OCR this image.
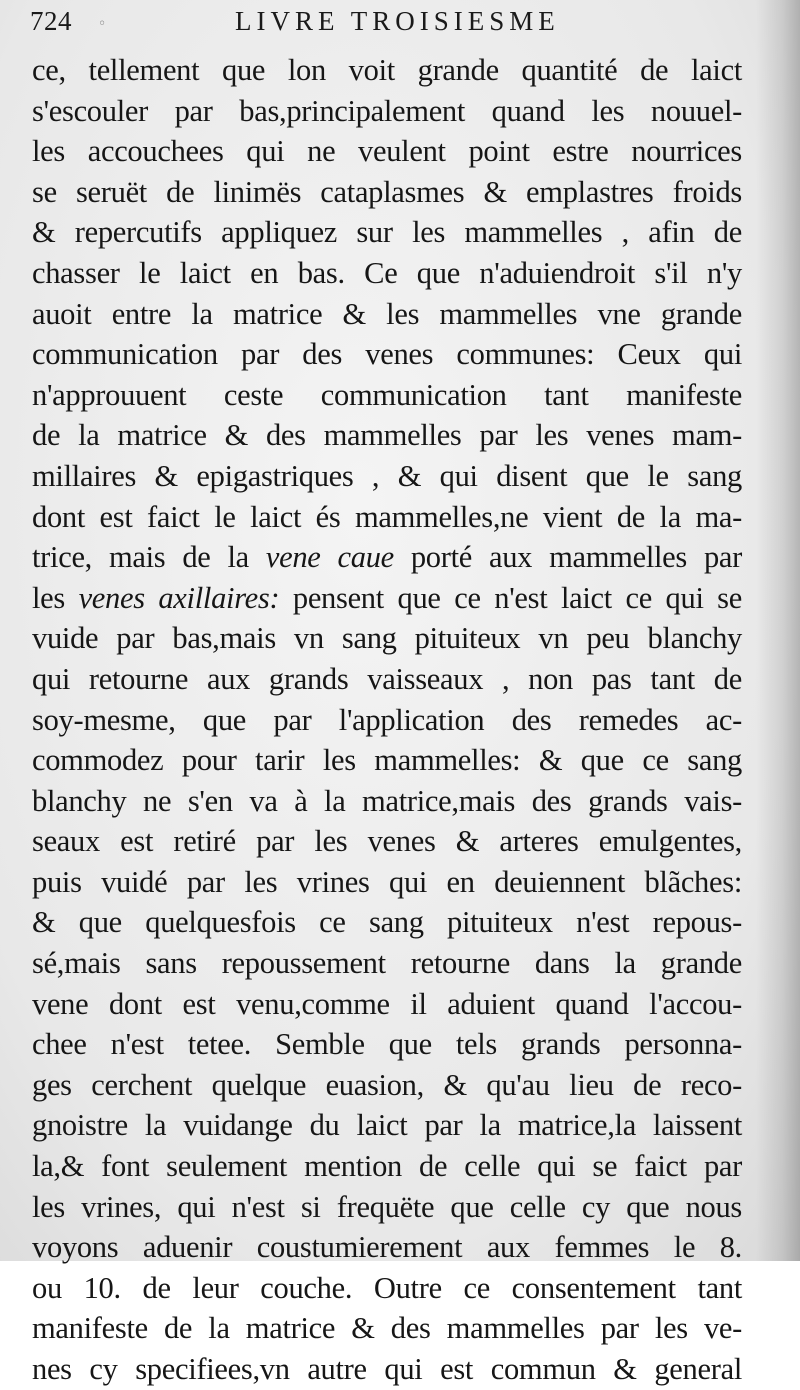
724 ◦	LIVRE TROISIESME
ce, tellement que lon voit grande quantité de laict
s'escouler par bas,principalement quand les nouuel-
les accouchees qui ne veulent point estre nourrices
se seruët de linimës cataplasmes & emplastres froids
& repercutifs appliquez sur les mammelles , afin de
chasser le laict en bas. Ce que n'aduiendroit s'il n'y
auoit entre la matrice & les mammelles vne grande
communication par des venes communes: Ceux qui
n'approuuent ceste communication tant manifeste
de la matrice & des mammelles par les venes mam-
millaires & epigastriques , & qui disent que le sang
dont est faict le laict és mammelles,ne vient de la ma-
trice, mais de la vene caue porté aux mammelles par
les venes axillaires: pensent que ce n'est laict ce qui se
vuide par bas,mais vn sang pituiteux vn peu blanchy
qui retourne aux grands vaisseaux , non pas tant de
soy-mesme, que par l'application des remedes ac-
commodez pour tarir les mammelles: & que ce sang
blanchy ne s'en va à la matrice,mais des grands vais-
seaux est retiré par les venes & arteres emulgentes,
puis vuidé par les vrines qui en deuiennent blãches:
& que quelquesfois ce sang pituiteux n'est repous-
sé,mais sans repoussement retourne dans la grande
vene dont est venu,comme il aduient quand l'accou-
chee n'est tetee. Semble que tels grands personna-
ges cerchent quelque euasion, & qu'au lieu de reco-
gnoistre la vuidange du laict par la matrice,la laissent
la,& font seulement mention de celle qui se faict par
les vrines, qui n'est si frequëte que celle cy que nous
voyons aduenir coustumierement aux femmes le 8.
ou 10. de leur couche. Outre ce consentement tant
manifeste de la matrice & des mammelles par les ve-
nes cy specifiees,vn autre qui est commun & general
